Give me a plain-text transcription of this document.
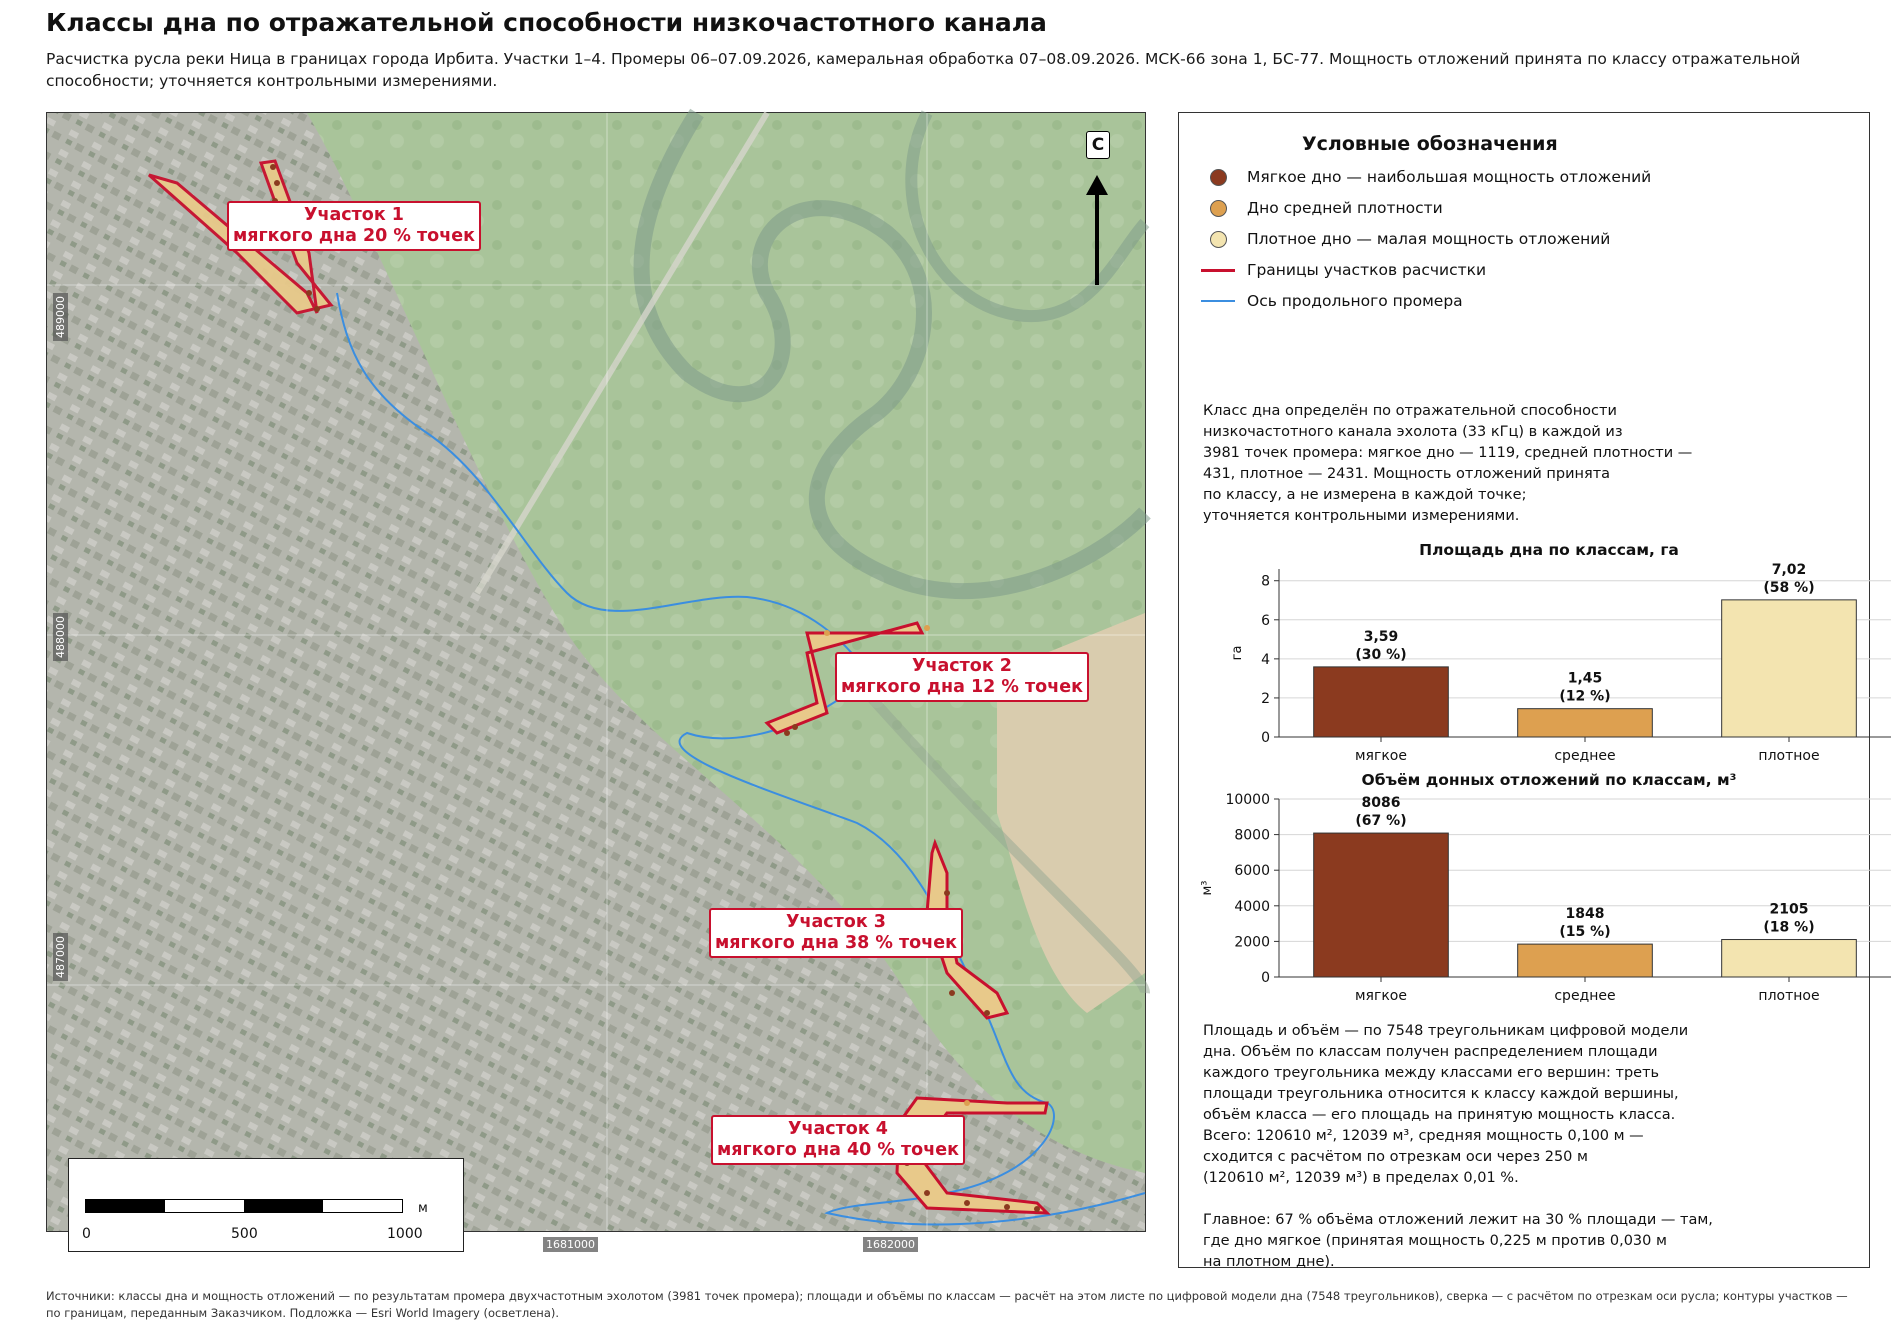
Классы дна по отражательной способности низкочастотного канала
Расчистка русла реки Ница в границах города Ирбита. Участки 1–4. Промеры 06–07.09.2026, камеральная обработка 07–08.09.2026. МСК-66 зона 1, БС-77. Мощность отложений принята по классу отражательной способности; уточняется контрольными измерениями.
Участок 1
мягкого дна 20 % точек
Участок 2
мягкого дна 12 % точек
Участок 3
мягкого дна 38 % точек
Участок 4
мягкого дна 40 % точек
489000
488000
487000
1681000	1682000
С
м
0	500	1000
Условные обозначения
Мягкое дно — наибольшая мощность отложений
Дно средней плотности
Плотное дно — малая мощность отложений
Границы участков расчистки
Ось продольного промера
Класс дна определён по отражательной способности
низкочастотного канала эхолота (33 кГц) в каждой из
3981 точек промера: мягкое дно — 1119, средней плотности —
431, плотное — 2431. Мощность отложений принята
по классу, а не измерена в каждой точке;
уточняется контрольными измерениями.
Площадь дна по классам, га
0
2
4
6
8
га
3,59
(30 %)
мягкое
1,45
(12 %)
среднее
7,02
(58 %)
плотное
Объём донных отложений по классам, м³
0
2000
4000
6000
8000
10000
м³
8086
(67 %)
мягкое
1848
(15 %)
среднее
2105
(18 %)
плотное
Площадь и объём — по 7548 треугольникам цифровой модели
дна. Объём по классам получен распределением площади
каждого треугольника между классами его вершин: треть
площади треугольника относится к классу каждой вершины,
объём класса — его площадь на принятую мощность класса.
Всего: 120610 м², 12039 м³, средняя мощность 0,100 м —
сходится с расчётом по отрезкам оси через 250 м
(120610 м², 12039 м³) в пределах 0,01 %.
Главное: 67 % объёма отложений лежит на 30 % площади — там,
где дно мягкое (принятая мощность 0,225 м против 0,030 м
на плотном дне).
Источники: классы дна и мощность отложений — по результатам промера двухчастотным эхолотом (3981 точек промера); площади и объёмы по классам — расчёт на этом листе по цифровой модели дна (7548 треугольников), сверка — с расчётом по отрезкам оси русла; контуры участков — по границам, переданным Заказчиком. Подложка — Esri World Imagery (осветлена).
